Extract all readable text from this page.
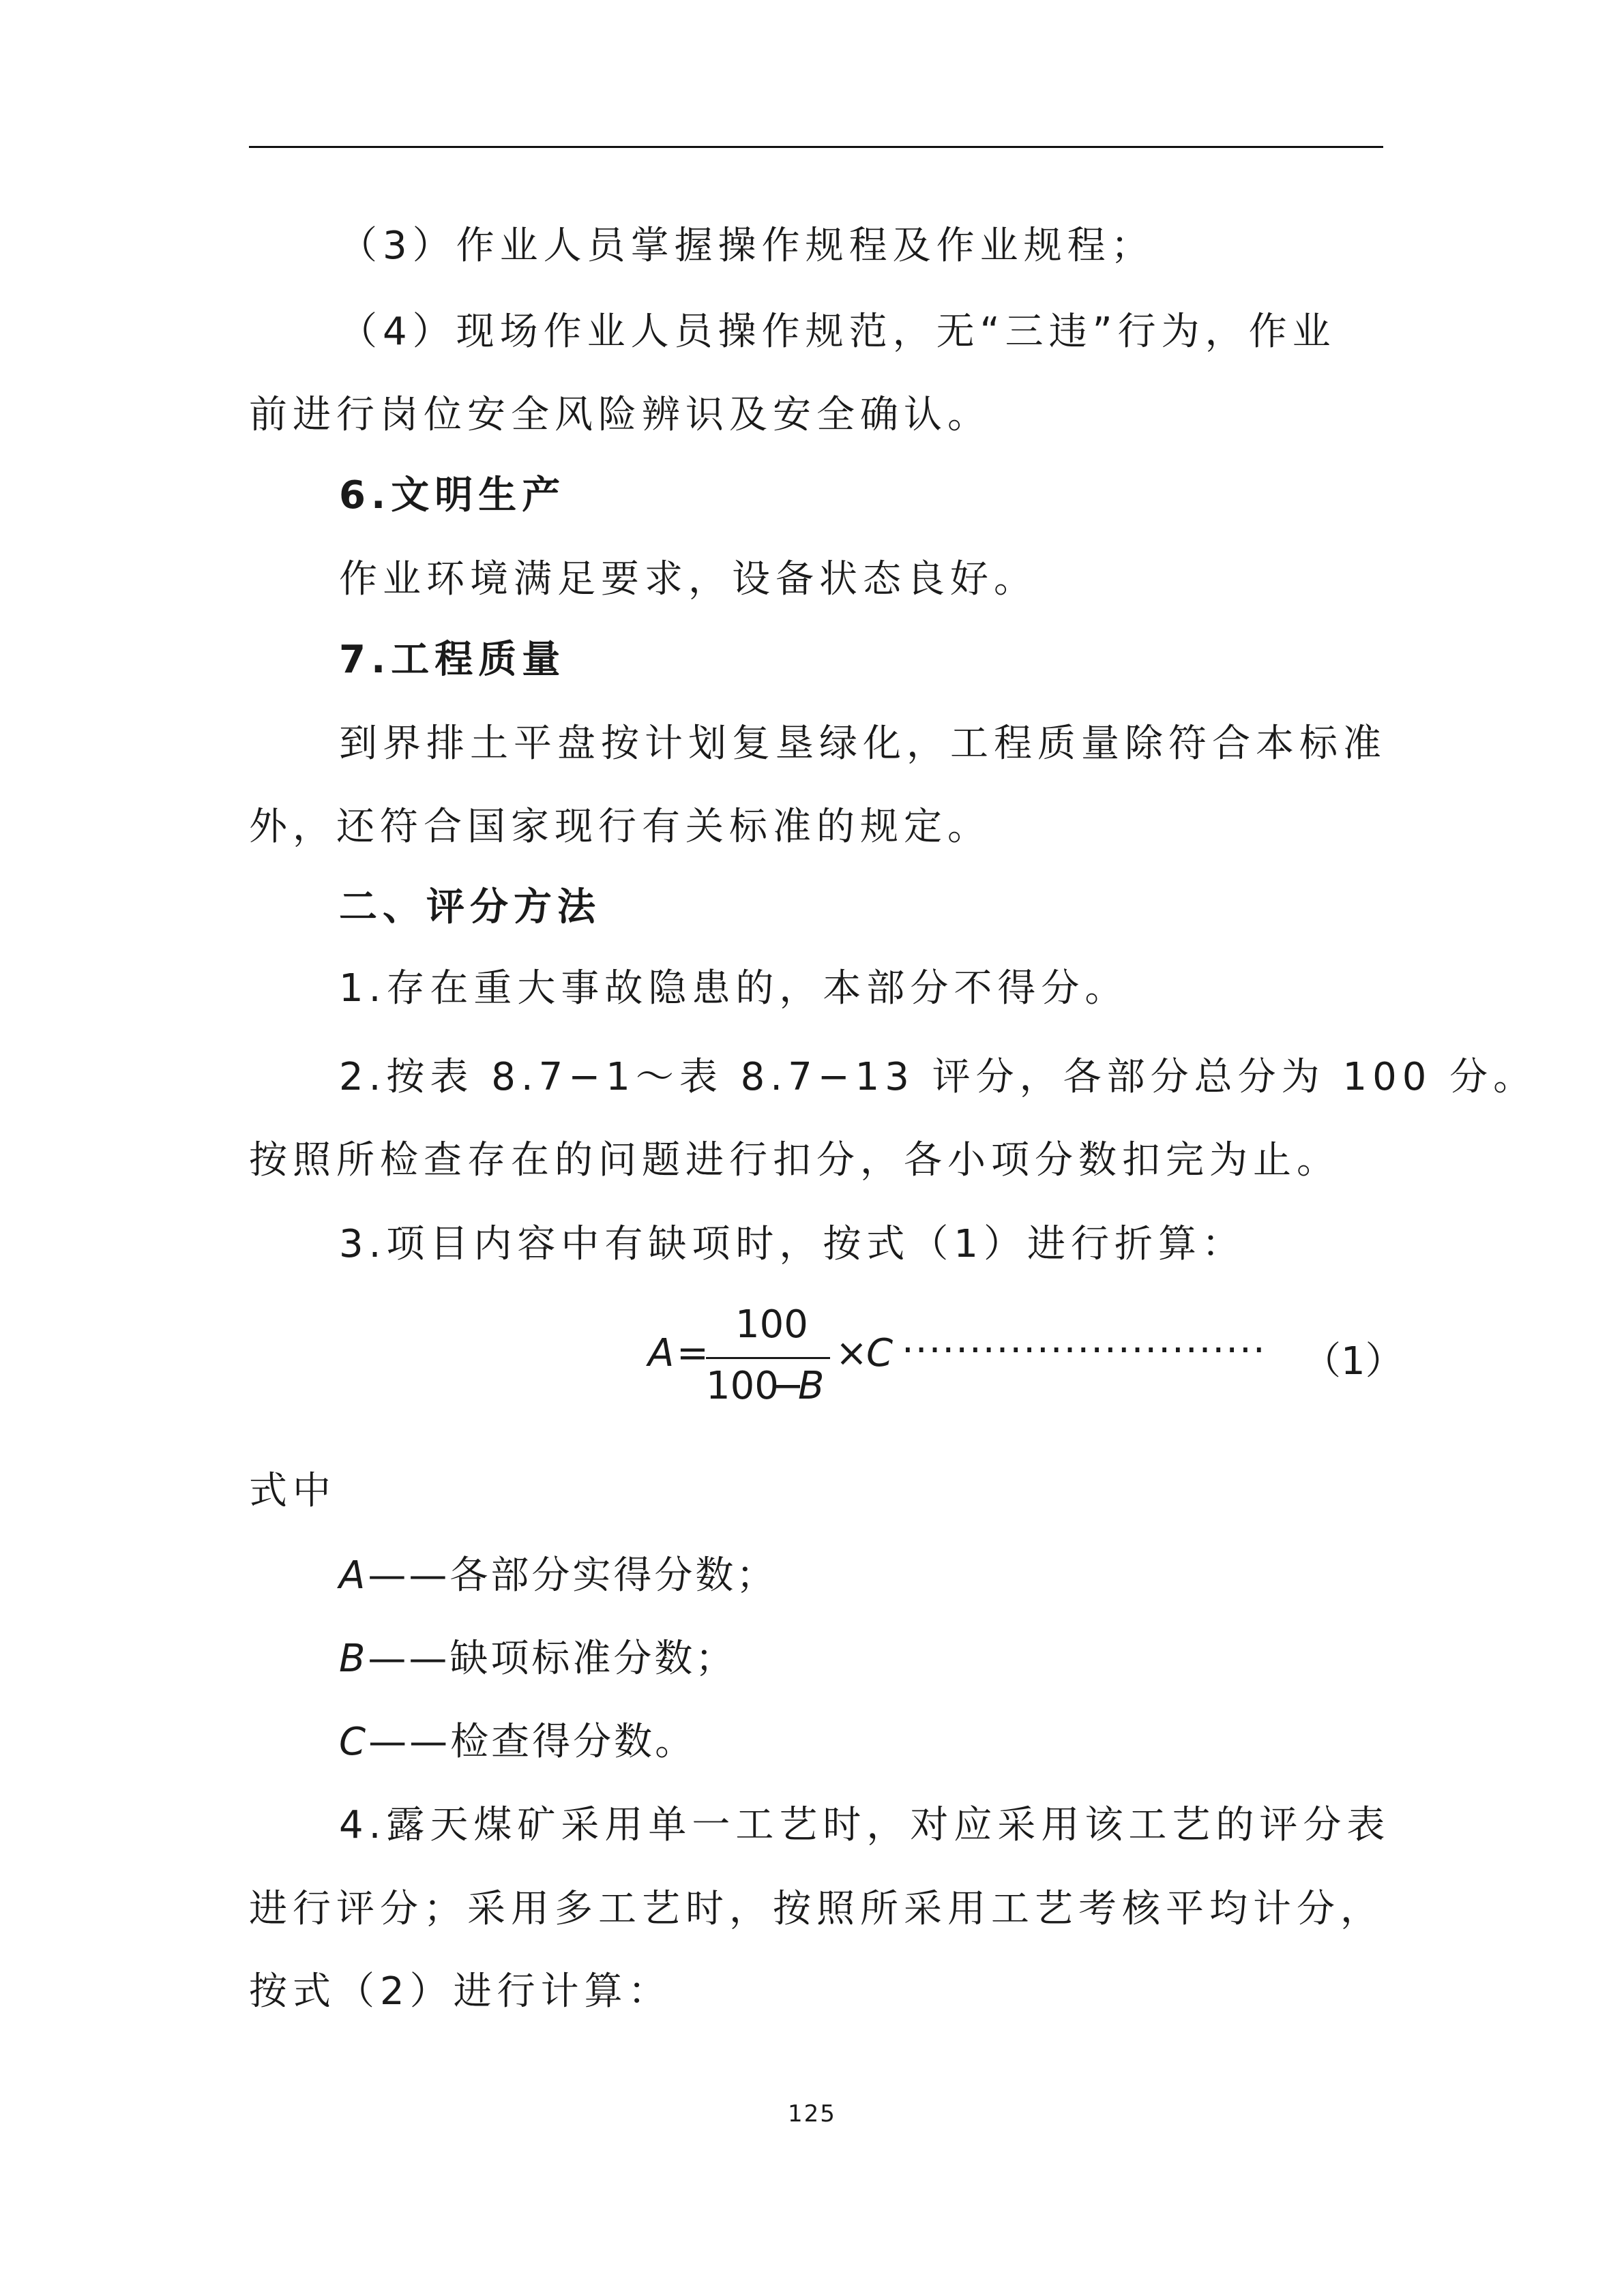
（3）作业人员掌握操作规程及作业规程；
（4）现场作业人员操作规范，无“三违”行为，作业
前进行岗位安全风险辨识及安全确认。
6.文明生产
作业环境满足要求，设备状态良好。
7.工程质量
到界排土平盘按计划复垦绿化，工程质量除符合本标准
外，还符合国家现行有关标准的规定。
二、评分方法
1.存在重大事故隐患的，本部分不得分。
2.按表 8.7−1～表 8.7−13 评分，各部分总分为 100 分。
按照所检查存在的问题进行扣分，各小项分数扣完为止。
3.项目内容中有缺项时，按式（1）进行折算：
A =
100
100
−
B
×
C ··························· （1）
式中
A——各部分实得分数；
B——缺项标准分数；
C——检查得分数。
4.露天煤矿采用单一工艺时，对应采用该工艺的评分表
进行评分；采用多工艺时，按照所采用工艺考核平均计分，
按式（2）进行计算：
125
